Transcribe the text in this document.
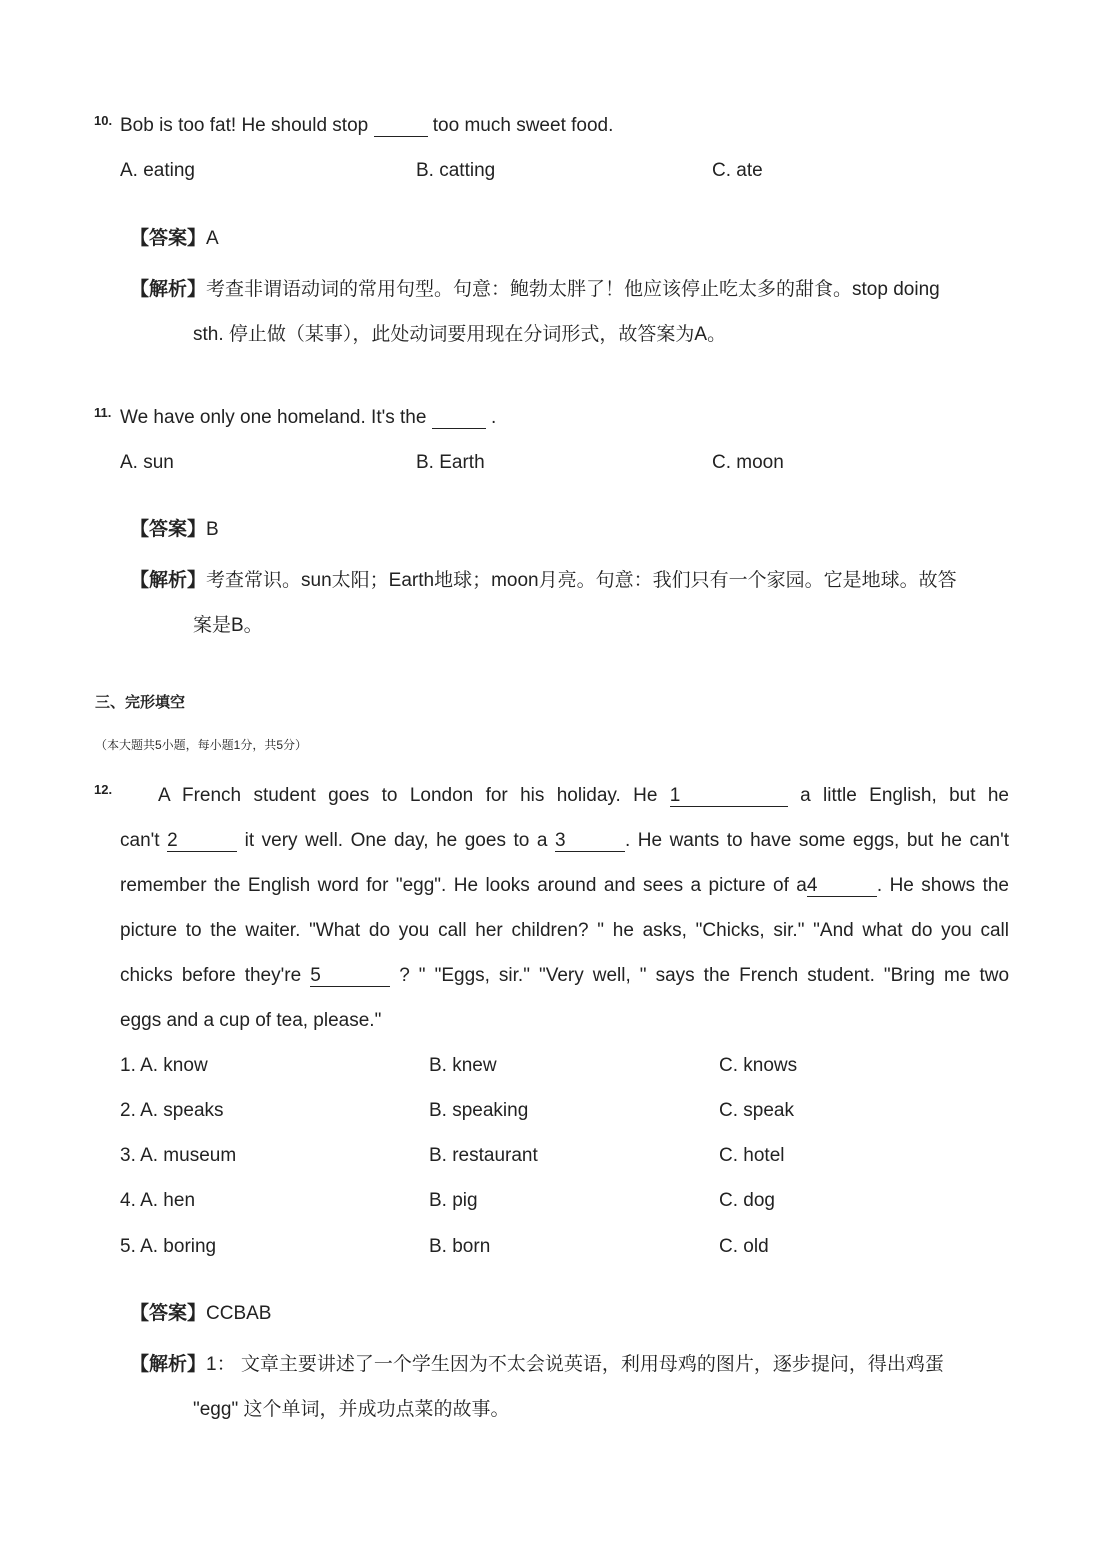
10. Bob is too fat! He should stop	too much sweet food.
A. eating	B. catting	C. ate
【答案】A
【解析】考查非谓语动词的常用句型。句意：鲍勃太胖了！他应该停止吃太多的甜食。stop doing
sth. 停止做（某事），此处动词要用现在分词形式，故答案为A。
11. We have only one homeland. It's the	.
A. sun	B. Earth	C. moon
【答案】B
【解析】考查常识。sun太阳；Earth地球；moon月亮。句意：我们只有一个家园。它是地球。故答
案是B。
三、完形填空
（本大题共5小题，每小题1分，共5分）
12.	A French student goes to London for his holiday. He 1	a little English, but he
can't 2	it very well. One day, he goes to a 3	. He wants to have some eggs, but he can't
remember the English word for "egg". He looks around and sees a picture of a4	. He shows the
picture to the waiter. "What do you call her children? " he asks, "Chicks, sir." "And what do you call
chicks before they're 5	? " "Eggs, sir." "Very well, " says the French student. "Bring me two
eggs and a cup of tea, please."
1. A. know	B. knew	C. knows
2. A. speaks	B. speaking	C. speak
3. A. museum	B. restaurant	C. hotel
4. A. hen	B. pig	C. dog
5. A. boring	B. born	C. old
【答案】CCBAB
【解析】1： 文章主要讲述了一个学生因为不太会说英语，利用母鸡的图片，逐步提问，得出鸡蛋
"egg" 这个单词，并成功点菜的故事。
